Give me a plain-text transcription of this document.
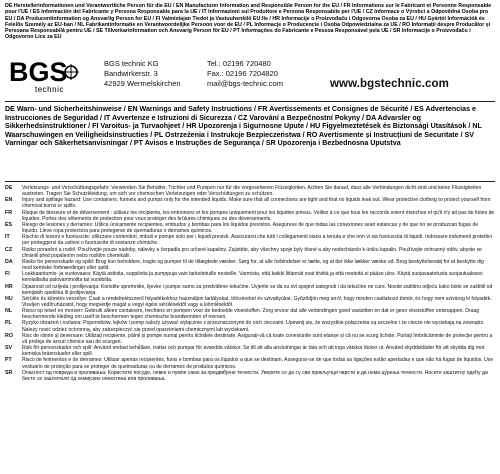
DE Herstellerinformationen und Verantwortliche Person für die EU / EN Manufacturer Information and Responsible Person for the EU / FR Informations sur le Fabricant et Personne Responsable pour l'UE / ES Información del Fabricante y Persona Responsable para la UE / IT Informazioni sul Produttore e Persona Responsabile per l'UE / CZ Informace o Výrobci a Odpovědná Osoba pro EU / DA Producentinformation og Ansvarlig Person for EU / FI Valmistajan Tiedot ja Vastuuhenkilö EU:lle / HR Informacije o Proizvođaču i Odgovorna Osoba za EU / HU Gyártói Információk és Felelős Személy az EU-ban / NL Fabrikantinformatie en Verantwoordelijke Persoon voor de EU / PL Informacje o Producencie i Osoba Odpowiedzialna za UE / RO Informații despre Producător și Persoana Responsabilă pentru UE / SE Tillverkarinformation och Ansvarig Person för EU / PT Informações do Fabricante e Pessoa Responsável pela UE / SR Informacije o Proizvođaču i Odgovorno Lice za EU
BGS
technic
BGS technic KG
Bandwirkerstr. 3
42929 Wermelskirchen
Tel.: 02196 720480
Fax.: 02196 7204820
mail@bgs-technic.com	www.bgstechnic.com
DE Warn- und Sicherheitshinweise / EN Warnings and Safety Instructions / FR Avertissements et Consignes de Sécurité / ES Advertencias e Instrucciones de Seguridad / IT Avvertenze e Istruzioni di Sicurezza / CZ Varování a Bezpečnostní Pokyny / DA Advarsler og Sikkerhedsinstruktioner / FI Varoitus- ja Turvaohjeet / HR Upozorenja i Sigurnosne Upute / HU Figyelmeztetések és Biztonsági Utasítások / NL Waarschuwingen en Veiligheidsinstructies / PL Ostrzeżenia i Instrukcje Bezpieczeństwa / RO Avertismente și Instrucțiuni de Securitate / SV Varningar och Säkerhetsanvisningar / PT Avisos e Instruções de Segurança / SR Upozorenja i Bezbednosna Uputstva
DE	Verletzungs- und Verschüttungsgefahr: Verwenden Sie Behälter, Trichter und Pumpen nur für die vorgesehenen Flüssigkeiten. Achten Sie darauf, dass alle Verbindungen dicht sind und keine Flüssigkeiten austreten. Tragen Sie Schutzkleidung, um sich vor chemischen Verletzungen oder Verschüttungen zu schützen.
EN	Injury and spillage hazard: Use containers, funnels and pumps only for the intended liquids. Make sure that all connections are tight and that no liquids leak out. Wear protective clothing to protect yourself from chemical burns or spills.
FR	Risque de blessure et de déversement : utilisez les récipients, les entonnoirs et les pompes uniquement pour les liquides prévus. Veillez à ce que tous les raccords soient étanches et qu'il n'y ait pas de fuites de liquides. Portez des vêtements de protection pour vous protéger des brûlures chimiques ou des déversements.
ES	Riesgo de lesiones y derrames: Utilice únicamente recipientes, embudos y bombas para los líquidos previstos. Asegúrese de que todas las conexiones sean estancas y de que no se produzcan fugas de líquido. Lleve ropa protectora para protegerse de quemaduras o derrames químicos.
IT	Rischio di lesioni e fuoriuscite: utilizzare contenitori, imbuti e pompe solo per i liquidi previsti. Assicurarsi che tutti i collegamenti siano a tenuta e che non vi sia fuoriuscita di liquidi. Indossare indumenti protettivi per proteggersi da ustioni o fuoriuscite di sostanze chimiche.
CZ	Riziko poranění a rozlití: Používejte pouze nádoby, nálevky a čerpadla pro určené kapaliny. Zajistěte, aby všechny spoje byly těsné a aby nedocházelo k úniku kapalin. Používejte ochranný oděv, abyste se chránili před popálením nebo rozlitím chemikálií.
DA	Risiko for personskade og spild: Brug kun beholdere, tragte og pumper til de tiltægtede væsker. Sørg for, at alle forbindelser er tætte, og at der ikke lækker væske ud. Brug beskyttelsestøj for at beskytte dig mod kemiske forbrændinger eller spild.
FI	Loukkaantumis- ja vuotovaara: Käytä astioita, suppiloita ja pumppuja vain tarkoitetuille nesteille. Varmista, että kaikki liitännät ovat tiiviitä ja että nesteitä ei pääse ulos. Käytä suojavaatetusta suojautuaksesi kemiallisilta palovammoilta tai vuodoilta.
HR	Opasnost od ozljeda i prolijevanja: Koristite spremnike, lijevke i pumpe samo za predviđene tekućine. Uvjerite se da su svi spojevi zategnuti i da tekućine ne cure. Nosite zaštitnu odjeću kako biste se zaštitili od kemijskih opeklina ili prolijevanja.
HU	Sérülés és kiömlés veszélye: Csak a rendeltetésszerű folyadékokhoz használjon tartályokat, tölcséreket és szivattyúkat. Győződjön meg arról, hogy minden csatlakozó tömör, és hogy nem szivárog ki folyadék. Viseljen védőruházatot, hogy megvédje magát a vegyi égési sérülésektől vagy a kiömlésektől.
NL	Risico op letsel en morsen: Gebruik alleen containers, trechters en pompen voor de bedoelde vloeistoffen. Zorg ervoor dat alle verbindingen goed vastzitten en dat er geen vloeistoffen ontsnappen. Draag beschermende kleding om uzelf te beschermen tegen chemische brandwonden of morsen.
PL	Ryzyko obrażeń i rozlania: Pojemników, lejków i pomp należy używać wyłącznie z przeznaczonymi do nich cieczami. Upewnij się, że wszystkie połączenia są szczelne i że ciecze nie wyciekają na zewnątrz. Należy nosić odzież ochronną, aby zabezpieczyć się przed oparzeniami chemicznymi lub wyciekami.
RO	Risc de rănire și deversare: Utilizați recipiente, pâlnii și pompe numai pentru lichidele destinate. Asigurați-vă că toate conexiunile sunt etanșe și că nu se scurg lichide. Purtați îmbrăcăminte de protecție pentru a vă proteja de arsuri chimice sau de scurgeri.
SV	Risk för personskador och spill: Använd endast behållare, trattar och pumpar för avsedda vätskor. Se till att alla anslutningar är täta och att inga vätskor läcker ut. Använd skyddskläder för att skydda dig mot kemiska brännskador eller spill.
PT	Risco de ferimentos e de derrames: Utilizar apenas recipientes, funis e bombas para os líquidos a que se destinam. Assegurar-se de que todas as ligações estão apertadas e que não há fugas de líquidos. Use vestuário de proteção para se proteger de queimaduras ou de derrames de produtos químicos.
SR	Опасност од повреда и проливања: Користите посуде, левке и пумпе само за предвиђене течности. Уверите се да су сви прикључци чврсти и да нема цурења течности. Носите заштитну одећу да бисте се заштитили од хемијских опекотина или проливања.
